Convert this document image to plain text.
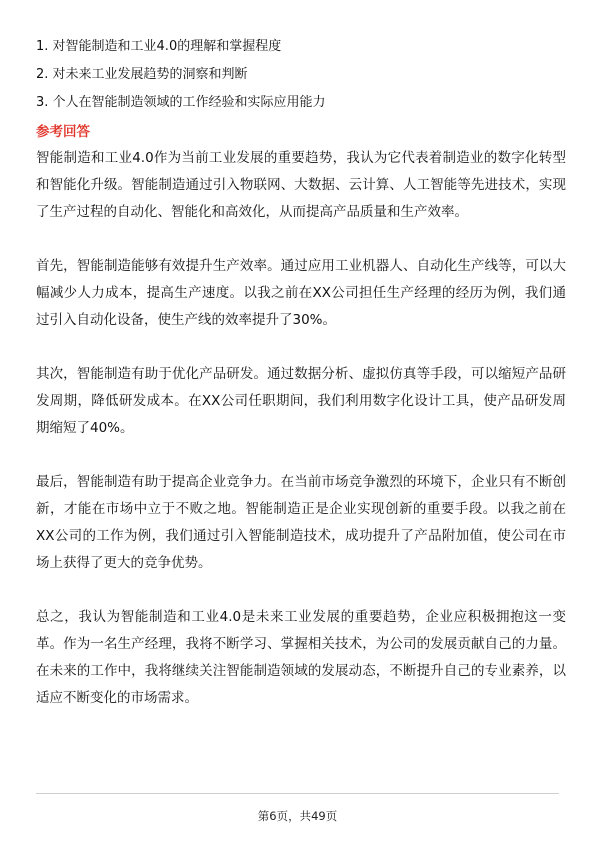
1. 对智能制造和工业4.0的理解和掌握程度
2. 对未来工业发展趋势的洞察和判断
3. 个人在智能制造领域的工作经验和实际应用能力
参考回答

智能制造和工业4.0作为当前工业发展的重要趋势，我认为它代表着制造业的数字化转型和智能化升级。智能制造通过引入物联网、大数据、云计算、人工智能等先进技术，实现了生产过程的自动化、智能化和高效化，从而提高产品质量和生产效率。

首先，智能制造能够有效提升生产效率。通过应用工业机器人、自动化生产线等，可以大幅减少人力成本，提高生产速度。以我之前在XX公司担任生产经理的经历为例，我们通过引入自动化设备，使生产线的效率提升了30%。

其次，智能制造有助于优化产品研发。通过数据分析、虚拟仿真等手段，可以缩短产品研发周期，降低研发成本。在XX公司任职期间，我们利用数字化设计工具，使产品研发周期缩短了40%。

最后，智能制造有助于提高企业竞争力。在当前市场竞争激烈的环境下，企业只有不断创新，才能在市场中立于不败之地。智能制造正是企业实现创新的重要手段。以我之前在XX公司的工作为例，我们通过引入智能制造技术，成功提升了产品附加值，使公司在市场上获得了更大的竞争优势。

总之，我认为智能制造和工业4.0是未来工业发展的重要趋势，企业应积极拥抱这一变革。作为一名生产经理，我将不断学习、掌握相关技术，为公司的发展贡献自己的力量。在未来的工作中，我将继续关注智能制造领域的发展动态，不断提升自己的专业素养，以适应不断变化的市场需求。

第6页，共49页
